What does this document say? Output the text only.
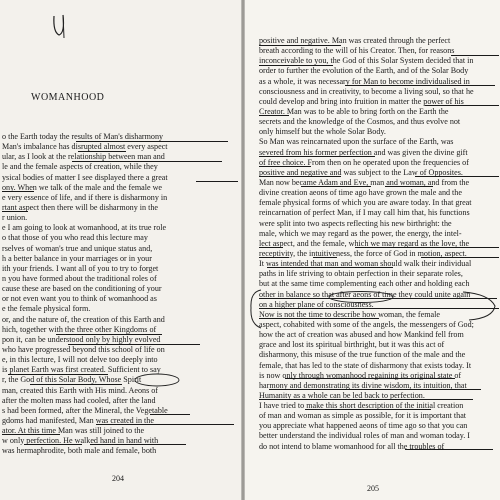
WOMANHOOD
o the Earth today the results of Man's disharmony
Man's imbalance has disrupted almost every aspect
ular, as I look at the relationship between man and
le and the female aspects of creation, while they
ysical bodies of matter I see displayed there a great
ony. When we talk of the male and the female we
e very essence of life, and if there is disharmony in
rtant aspect then there will be disharmony in the
r union.
e I am going to look at womanhood, at its true role
o that those of you who read this lecture may
rselves of woman's true and unique status and,
h a better balance in your marriages or in your
ith your friends. I want all of you to try to forget
n you have formed about the traditional roles of
cause these are based on the conditioning of your
or not even want you to think of womanhood as
e the female physical form.
or, and the nature of, the creation of this Earth and
hich, together with the three other Kingdoms of
pon it, can be understood only by highly evolved
who have progressed beyond this school of life on
e, in this lecture, I will not delve too deeply into
is planet Earth was first created. Sufficient to say
r, the God of this Solar Body, Whose Spirit
man, created this Earth with His mind. Aeons of
after the molten mass had cooled, after the land
s had been formed, after the Mineral, the Vegetable
gdoms had manifested, Man was created in the
ator. At this time Man was still joined to the
w only perfection. He walked hand in hand with
was hermaphrodite, both male and female, both
204
positive and negative. Man was created through the perfect
breath according to the will of his Creator. Then, for reasons
inconceivable to you, the God of this Solar System decided that in
order to further the evolution of the Earth, and of the Solar Body
as a whole, it was necessary for Man to become individualised in
consciousness and in creativity, to become a living soul, so that he
could develop and bring into fruition in matter the power of his
Creator. Man was to be able to bring forth on the Earth the
secrets and the knowledge of the Cosmos, and thus evolve not
only himself but the whole Solar Body.
So Man was reincarnated upon the surface of the Earth, was
severed from his former perfection and was given the divine gift
of free choice. From then on he operated upon the frequencies of
positive and negative and was subject to the Law of Opposites.
Man now became Adam and Eve, man and woman, and from the
divine creation aeons of time ago have grown the male and the
female physical forms of which you are aware today. In that great
reincarnation of perfect Man, if I may call him that, his functions
were split into two aspects reflecting his new birthright: the
male, which we may regard as the power, the energy, the intel-
lect aspect, and the female, which we may regard as the love, the
receptivity, the intuitiveness, the force of God in motion, aspect.
It was intended that man and woman should walk their individual
paths in life striving to obtain perfection in their separate roles,
but at the same time complementing each other and holding each
other in balance so that after aeons of time they could unite again
on a higher plane of consciousness.
Now is not the time to describe how woman, the female
aspect, cohabited with some of the angels, the messengers of God;
how the act of creation was abused and how Mankind fell from
grace and lost its spiritual birthright, but it was this act of
disharmony, this misuse of the true function of the male and the
female, that has led to the state of disharmony that exists today. It
is now only through womanhood regaining its original state of
harmony and demonstrating its divine wisdom, its intuition, that
Humanity as a whole can be led back to perfection.
I have tried to make this short description of the initial creation
of man and woman as simple as possible, for it is important that
you appreciate what happened aeons of time ago so that you can
better understand the individual roles of man and woman today. I
do not intend to blame womanhood for all the troubles of
205
